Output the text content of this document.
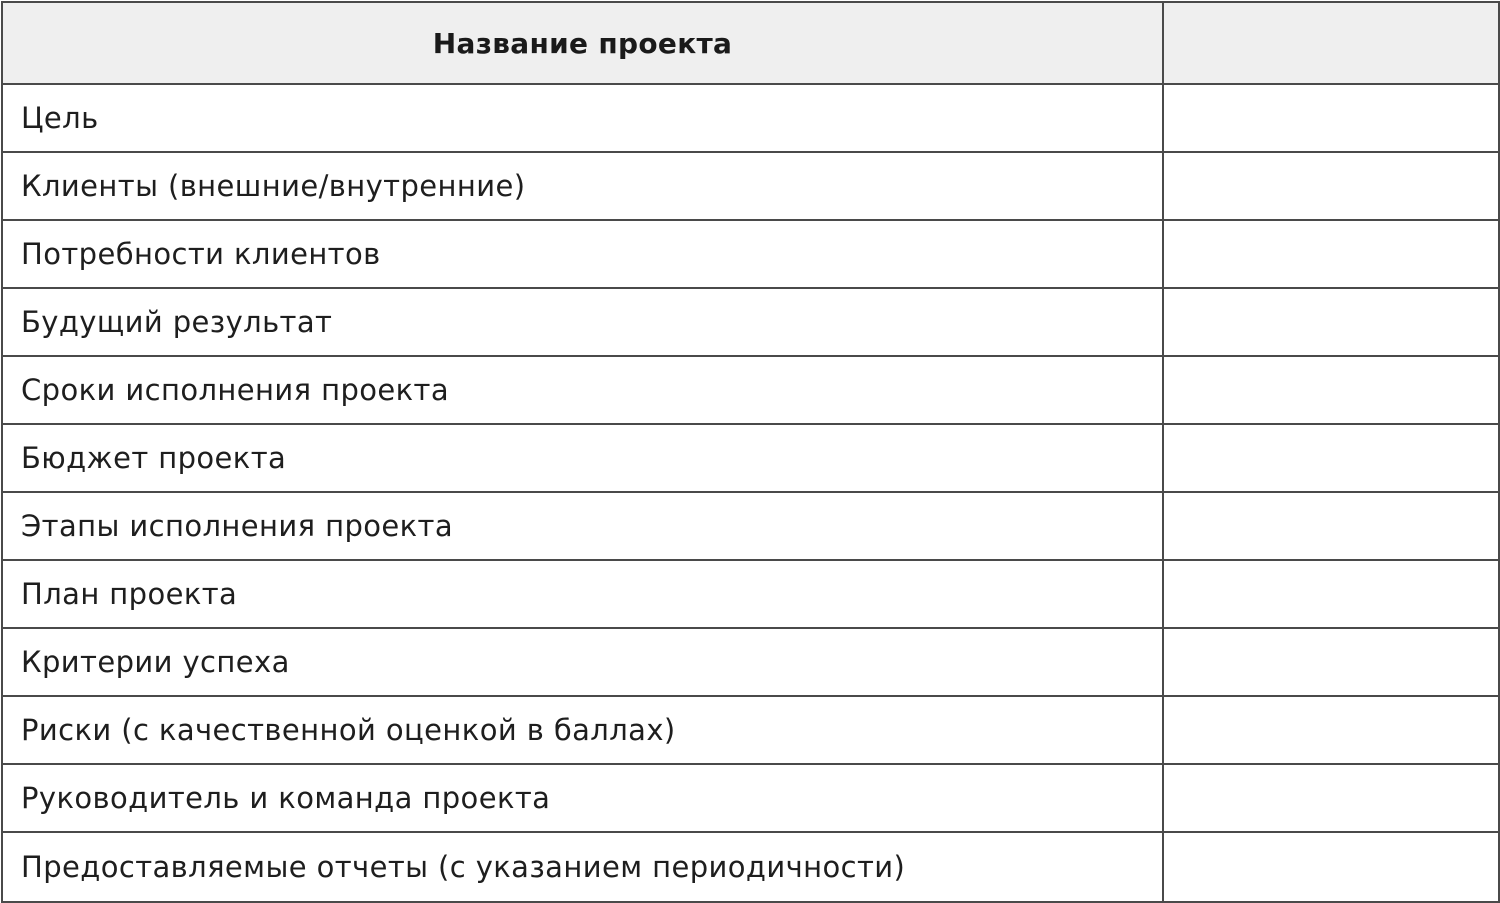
Название проекта	
Цель	
Клиенты (внешние/внутренние)	
Потребности клиентов	
Будущий результат	
Сроки исполнения проекта	
Бюджет проекта	
Этапы исполнения проекта	
План проекта	
Критерии успеха	
Риски (с качественной оценкой в баллах)	
Руководитель и команда проекта	
Предоставляемые отчеты (с указанием периодичности)	
